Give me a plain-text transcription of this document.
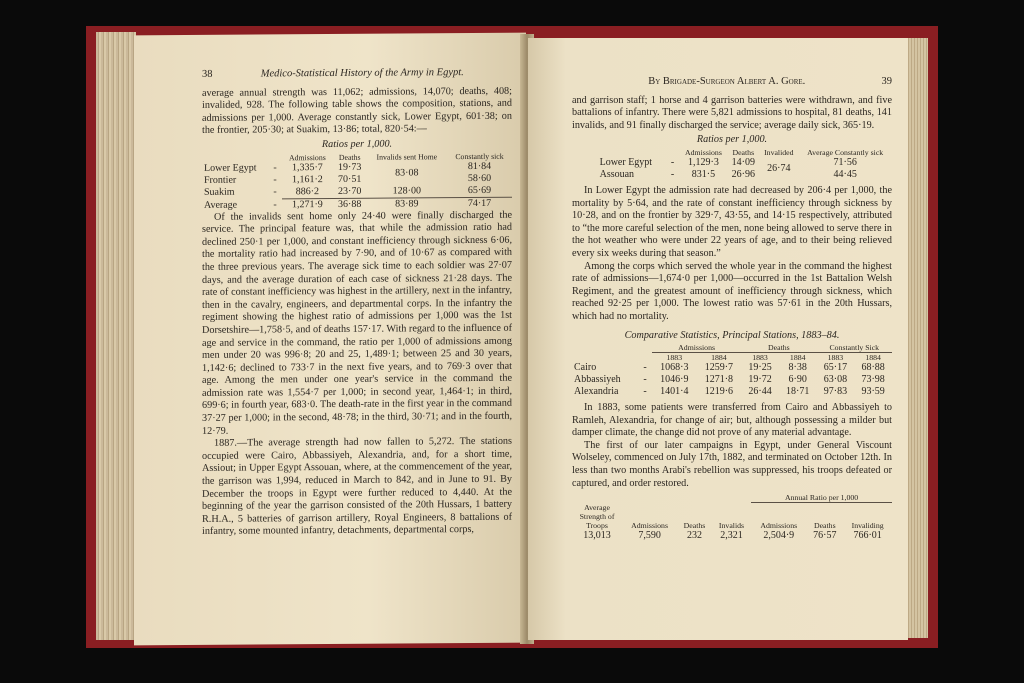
38	Medico-Statistical History of the Army in Egypt.

average annual strength was 11,062; admissions, 14,070; deaths, 408; invalided, 928. The following table shows the composition, stations, and admissions per 1,000. Average constantly sick, Lower Egypt, 601·38; on the frontier, 205·30; at Suakim, 13·86; total, 820·54:—

Ratios per 1,000.
		Admissions	Deaths	Invalids sent Home	Constantly sick
Lower Egypt	-	1,335·7	19·73	83·08	81·84
Frontier	-	1,161·2	70·51		58·60
Suakim	-	886·2	23·70	128·00	65·69

Average	-	1,271·9	36·88	83·89	74·17

Of the invalids sent home only 24·40 were finally discharged the service. The principal feature was, that while the admission ratio had declined 250·1 per 1,000, and constant inefficiency through sickness 6·06, the mortality ratio had increased by 7·90, and of 10·67 as compared with the three previous years. The average sick time to each soldier was 27·07 days, and the average duration of each case of sickness 21·28 days. The rate of constant inefficiency was highest in the artillery, next in the infantry, then in the cavalry, engineers, and departmental corps. In the infantry the regiment showing the highest ratio of admissions per 1,000 was the 1st Dorsetshire—1,758·5, and of deaths 157·17. With regard to the influence of age and service in the command, the ratio per 1,000 of admissions among men under 20 was 996·8; 20 and 25, 1,489·1; between 25 and 30 years, 1,142·6; declined to 733·7 in the next five years, and to 769·3 over that age. Among the men under one year's service in the command the admission rate was 1,554·7 per 1,000; in second year, 1,464·1; in third, 699·6; in fourth year, 683·0. The death-rate in the first year in the command 37·27 per 1,000; in the second, 48·78; in the third, 30·71; and in the fourth, 12·79.

1887.—The average strength had now fallen to 5,272. The stations occupied were Cairo, Abbassiyeh, Alexandria, and, for a short time, Assiout; in Upper Egypt Assouan, where, at the commencement of the year, the garrison was 1,994, reduced in March to 842, and in June to 91. By December the troops in Egypt were further reduced to 4,440. At the beginning of the year the garrison consisted of the 20th Hussars, 1 battery R.H.A., 5 batteries of garrison artillery, Royal Engineers, 8 battalions of infantry, some mounted infantry, detachments, departmental corps,

By Brigade-Surgeon Albert A. Gore.	39

and garrison staff; 1 horse and 4 garrison batteries were withdrawn, and five battalions of infantry. There were 5,821 admissions to hospital, 81 deaths, 141 invalids, and 91 finally discharged the service; average daily sick, 365·19.

Ratios per 1,000.
		Admissions	Deaths	Invalided	Average Constantly sick
Lower Egypt	-	1,129·3	14·09	26·74	71·56
Assouan	-	831·5	26·96		44·45

In Lower Egypt the admission rate had decreased by 206·4 per 1,000, the mortality by 5·64, and the rate of constant inefficiency through sickness by 10·28, and on the frontier by 329·7, 43·55, and 14·15 respectively, attributed to “the more careful selection of the men, none being allowed to serve there in the hot weather who were under 22 years of age, and to their being relieved every six weeks during that season.”

Among the corps which served the whole year in the command the highest rate of admissions—1,674·0 per 1,000—occurred in the 1st Battalion Welsh Regiment, and the greatest amount of inefficiency through sickness, which reached 92·25 per 1,000. The lowest ratio was 57·61 in the 20th Hussars, which had no mortality.

Comparative Statistics, Principal Stations, 1883–84.
		Admissions		Deaths		Constantly Sick	
		1883	1884	1883	1884	1883	1884
Cairo	-	1068·3	1259·7	19·25	8·38	65·17	68·88
Abbassiyeh	-	1046·9	1271·8	19·72	6·90	63·08	73·98
Alexandria	-	1401·4	1219·6	26·44	18·71	97·83	93·59

In 1883, some patients were transferred from Cairo and Abbassiyeh to Ramleh, Alexandria, for change of air; but, although possessing a milder but damper climate, the change did not prove of any material advantage.

The first of our later campaigns in Egypt, under General Viscount Wolseley, commenced on July 17th, 1882, and terminated on October 12th. In less than two months Arabi's rebellion was suppressed, his troops defeated or captured, and order restored.

				Annual Ratio per 1,000		
Average Strength of Troops	Admissions	Deaths	Invalids	Admissions	Deaths	Invaliding
13,013	7,590	232	2,321	2,504·9	76·57	766·01
